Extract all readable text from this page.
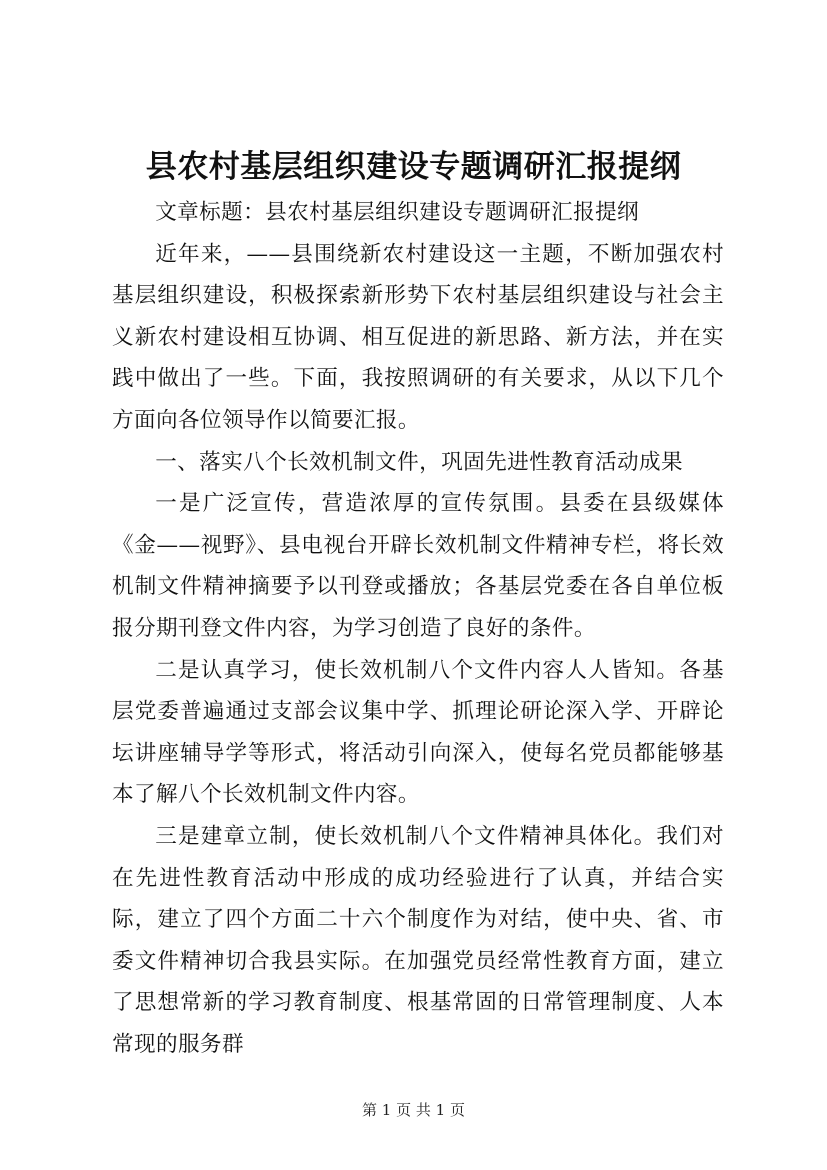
县农村基层组织建设专题调研汇报提纲

文章标题：县农村基层组织建设专题调研汇报提纲

近年来，——县围绕新农村建设这一主题，不断加强农村基层组织建设，积极探索新形势下农村基层组织建设与社会主义新农村建设相互协调、相互促进的新思路、新方法，并在实践中做出了一些。下面，我按照调研的有关要求，从以下几个方面向各位领导作以简要汇报。

一、落实八个长效机制文件，巩固先进性教育活动成果

一是广泛宣传，营造浓厚的宣传氛围。县委在县级媒体《金——视野》、县电视台开辟长效机制文件精神专栏，将长效机制文件精神摘要予以刊登或播放；各基层党委在各自单位板报分期刊登文件内容，为学习创造了良好的条件。

二是认真学习，使长效机制八个文件内容人人皆知。各基层党委普遍通过支部会议集中学、抓理论研论深入学、开辟论坛讲座辅导学等形式，将活动引向深入，使每名党员都能够基本了解八个长效机制文件内容。

三是建章立制，使长效机制八个文件精神具体化。我们对在先进性教育活动中形成的成功经验进行了认真，并结合实际，建立了四个方面二十六个制度作为对结，使中央、省、市委文件精神切合我县实际。在加强党员经常性教育方面，建立了思想常新的学习教育制度、根基常固的日常管理制度、人本常现的服务群

第 1 页 共 1 页
